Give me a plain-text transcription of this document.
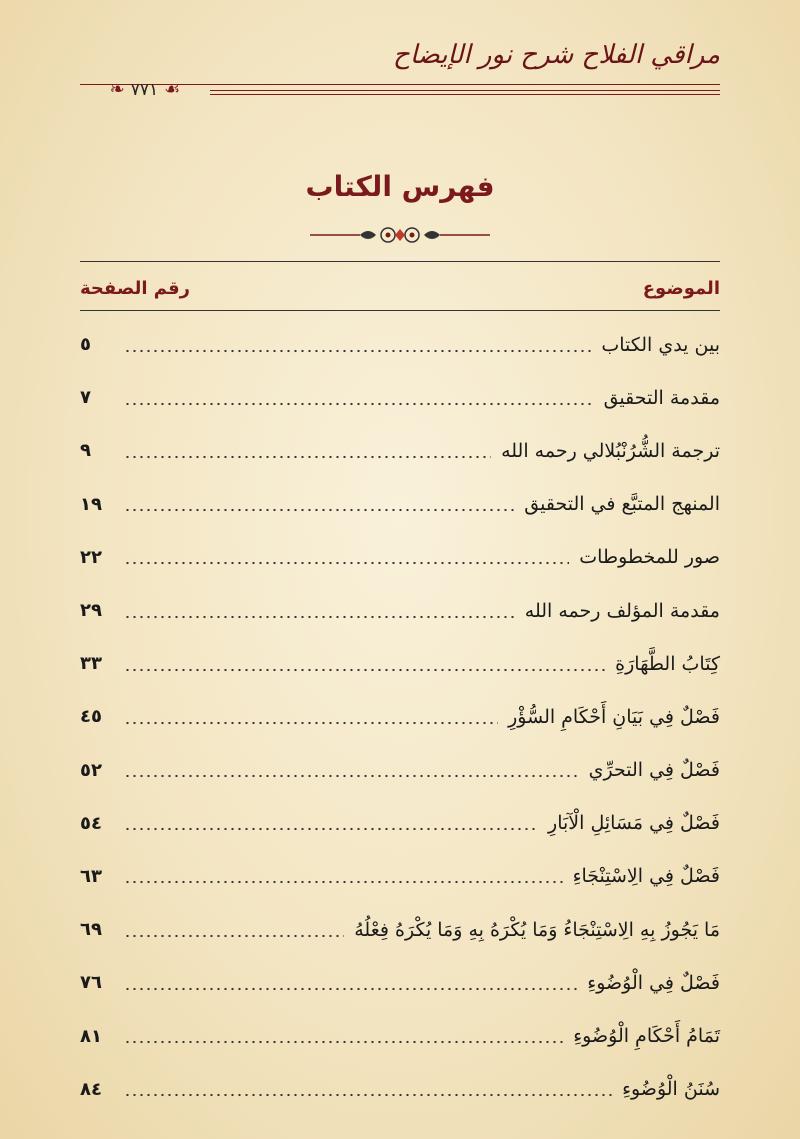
مراقي الفلاح شرح نور الإيضاح
❧ ٧٧١ ☙
فهرس الكتاب
الموضوع
رقم الصفحة
بين يدي الكتاب
٥
مقدمة التحقيق
٧
ترجمة الشُّرُنْبُلالي رحمه الله
٩
المنهج المتبَّع في التحقيق
١٩
صور للمخطوطات
٢٢
مقدمة المؤلف رحمه الله
٢٩
كِتَابُ الطَّهَارَةِ
٣٣
فَصْلٌ فِي بَيَانِ أَحْكَامِ السُّؤْرِ
٤٥
فَصْلٌ فِي التحرِّي
٥٢
فَصْلٌ فِي مَسَائِلِ الْآبَارِ
٥٤
فَصْلٌ فِي الِاسْتِنْجَاءِ
٦٣
مَا يَجُوزُ بِهِ الِاسْتِنْجَاءُ وَمَا يُكْرَهُ بِهِ وَمَا يُكْرَهُ فِعْلُهُ
٦٩
فَصْلٌ فِي الْوُضُوءِ
٧٦
تَمَامُ أَحْكَامِ الْوُضُوءِ
٨١
سُنَنُ الْوُضُوءِ
٨٤
